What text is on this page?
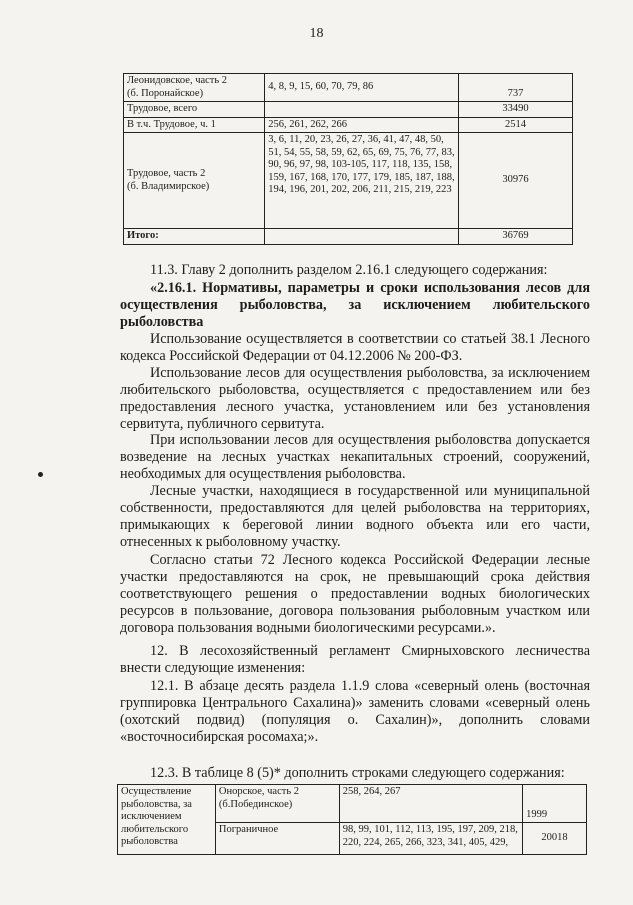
18
Леонидовское, часть 2
(б. Поронайское)	4, 8, 9, 15, 60, 70, 79, 86	737
Трудовое, всего		33490
В т.ч. Трудовое, ч. 1	256, 261, 262, 266	2514
Трудовое, часть 2
(б. Владимирское)	3, 6, 11, 20, 23, 26, 27, 36, 41, 47, 48, 50, 51, 54, 55, 58, 59, 62, 65, 69, 75, 76, 77, 83, 90, 96, 97, 98, 103-105, 117, 118, 135, 158, 159, 167, 168, 170, 177, 179, 185, 187, 188, 194, 196, 201, 202, 206, 211, 215, 219, 223	30976
Итого:		36769
11.3. Главу 2 дополнить разделом 2.16.1 следующего содержания:
«2.16.1. Нормативы, параметры и сроки использования лесов для осуществления рыболовства, за исключением любительского рыболовства
Использование осуществляется в соответствии со статьей 38.1 Лесного кодекса Российской Федерации от 04.12.2006 № 200-ФЗ.
Использование лесов для осуществления рыболовства, за исключением любительского рыболовства, осуществляется с предоставлением или без предоставления лесного участка, установлением или без установления сервитута, публичного сервитута.
При использовании лесов для осуществления рыболовства допускается возведение на лесных участках некапитальных строений, сооружений, необходимых для осуществления рыболовства.
Лесные участки, находящиеся в государственной или муниципальной собственности, предоставляются для целей рыболовства на территориях, примыкающих к береговой линии водного объекта или его части, отнесенных к рыболовному участку.
Согласно статьи 72 Лесного кодекса Российской Федерации лесные участки предоставляются на срок, не превышающий срока действия соответствующего решения о предоставлении водных биологических ресурсов в пользование, договора пользования рыболовным участком или договора пользования водными биологическими ресурсами.».
12. В лесохозяйственный регламент Смирныховского лесничества внести следующие изменения:
12.1. В абзаце десять раздела 1.1.9 слова «северный олень (восточная группировка Центрального Сахалина)» заменить словами «северный олень (охотский подвид) (популяция о. Сахалин)», дополнить словами «восточносибирская росомаха;».
12.3. В таблице 8 (5)* дополнить строками следующего содержания:
Осуществление рыболовства, за исключением любительского рыболовства	Онорское, часть 2
(б.Побединское)	258, 264, 267	1999
	Пограничное	98, 99, 101, 112, 113, 195, 197, 209, 218, 220, 224, 265, 266, 323, 341, 405, 429,	20018
